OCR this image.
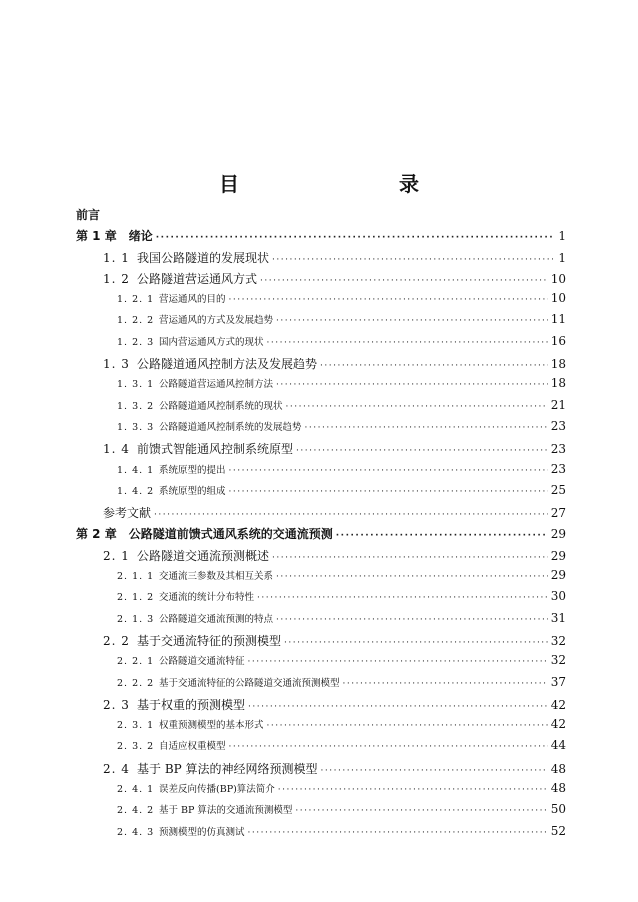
目　　录
前言
第 1 章 绪论 ·····	1
1. 1 我国公路隧道的发展现状 ·····	1
1. 2 公路隧道营运通风方式 ·····	10
1. 2. 1 营运通风的目的 ·····	10
1. 2. 2 营运通风的方式及发展趋势 ·····	11
1. 2. 3 国内营运通风方式的现状 ·····	16
1. 3 公路隧道通风控制方法及发展趋势 ·····	18
1. 3. 1 公路隧道营运通风控制方法 ·····	18
1. 3. 2 公路隧道通风控制系统的现状 ·····	21
1. 3. 3 公路隧道通风控制系统的发展趋势 ·····	23
1. 4 前馈式智能通风控制系统原型 ·····	23
1. 4. 1 系统原型的提出 ·····	23
1. 4. 2 系统原型的组成 ·····	25
参考文献 ·····	27
第 2 章 公路隧道前馈式通风系统的交通流预测 ·····	29
2. 1 公路隧道交通流预测概述 ·····	29
2. 1. 1 交通流三参数及其相互关系 ·····	29
2. 1. 2 交通流的统计分布特性 ·····	30
2. 1. 3 公路隧道交通流预测的特点 ·····	31
2. 2 基于交通流特征的预测模型 ·····	32
2. 2. 1 公路隧道交通流特征 ·····	32
2. 2. 2 基于交通流特征的公路隧道交通流预测模型 ·····	37
2. 3 基于权重的预测模型 ·····	42
2. 3. 1 权重预测模型的基本形式 ·····	42
2. 3. 2 自适应权重模型 ·····	44
2. 4 基于 BP 算法的神经网络预测模型 ·····	48
2. 4. 1 误差反向传播(BP)算法简介 ·····	48
2. 4. 2 基于 BP 算法的交通流预测模型 ·····	50
2. 4. 3 预测模型的仿真测试 ·····	52
